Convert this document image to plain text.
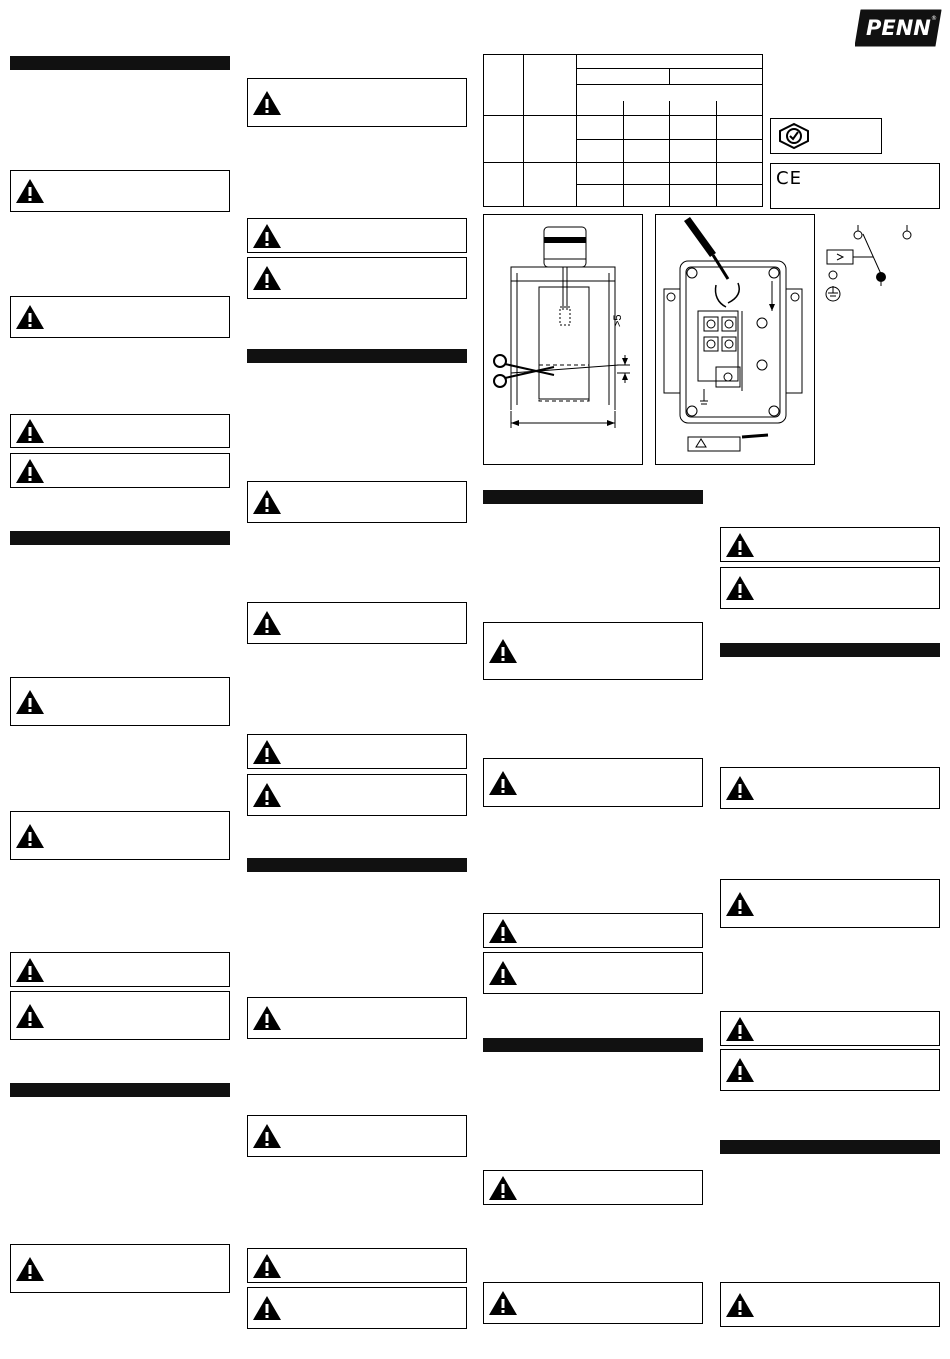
PENN ®
CE
>5
